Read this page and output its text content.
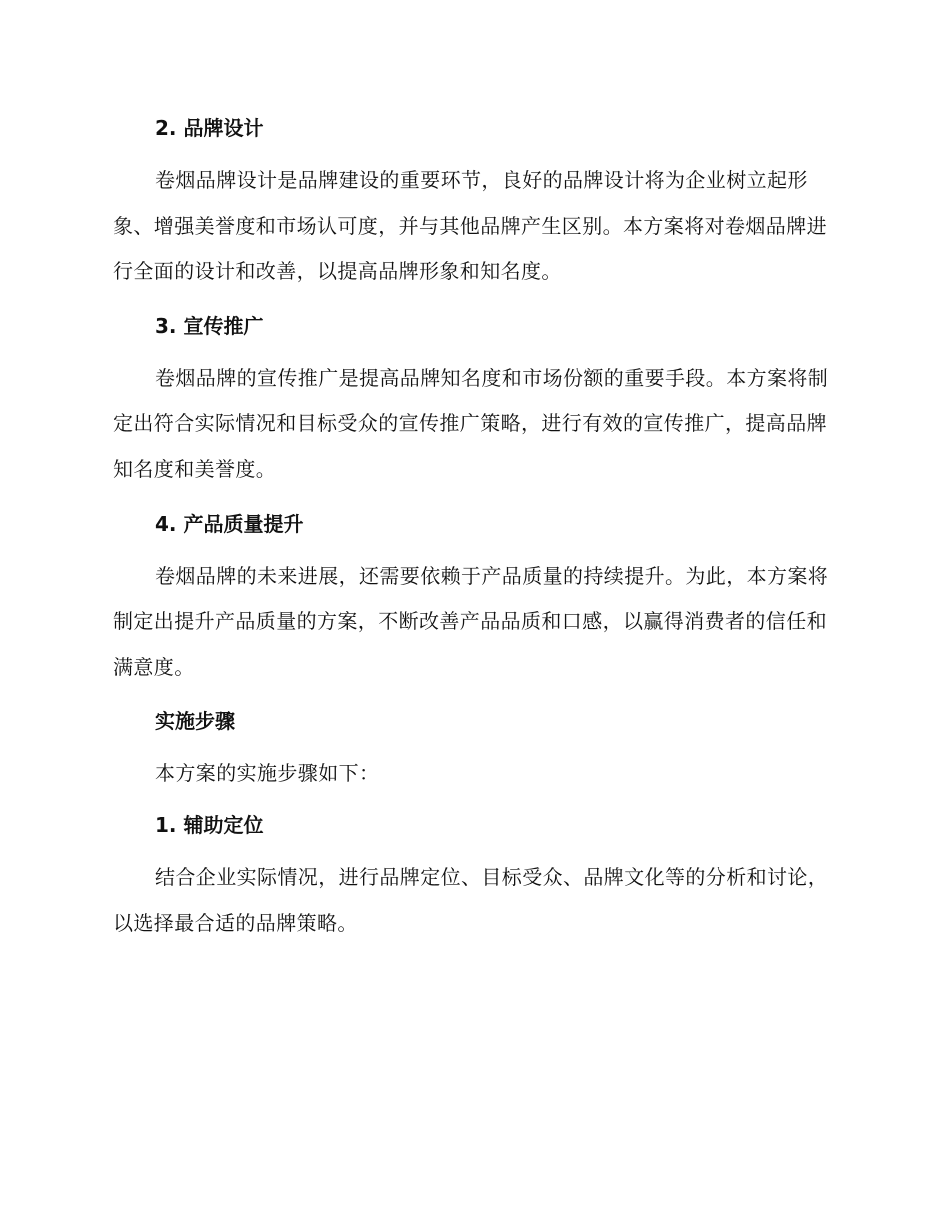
2. 品牌设计

卷烟品牌设计是品牌建设的重要环节，良好的品牌设计将为企业树立起形象、增强美誉度和市场认可度，并与其他品牌产生区别。本方案将对卷烟品牌进行全面的设计和改善，以提高品牌形象和知名度。

3. 宣传推广

卷烟品牌的宣传推广是提高品牌知名度和市场份额的重要手段。本方案将制定出符合实际情况和目标受众的宣传推广策略，进行有效的宣传推广，提高品牌知名度和美誉度。

4. 产品质量提升

卷烟品牌的未来进展，还需要依赖于产品质量的持续提升。为此，本方案将制定出提升产品质量的方案，不断改善产品品质和口感，以赢得消费者的信任和满意度。

实施步骤

本方案的实施步骤如下：

1. 辅助定位

结合企业实际情况，进行品牌定位、目标受众、品牌文化等的分析和讨论，以选择最合适的品牌策略。
